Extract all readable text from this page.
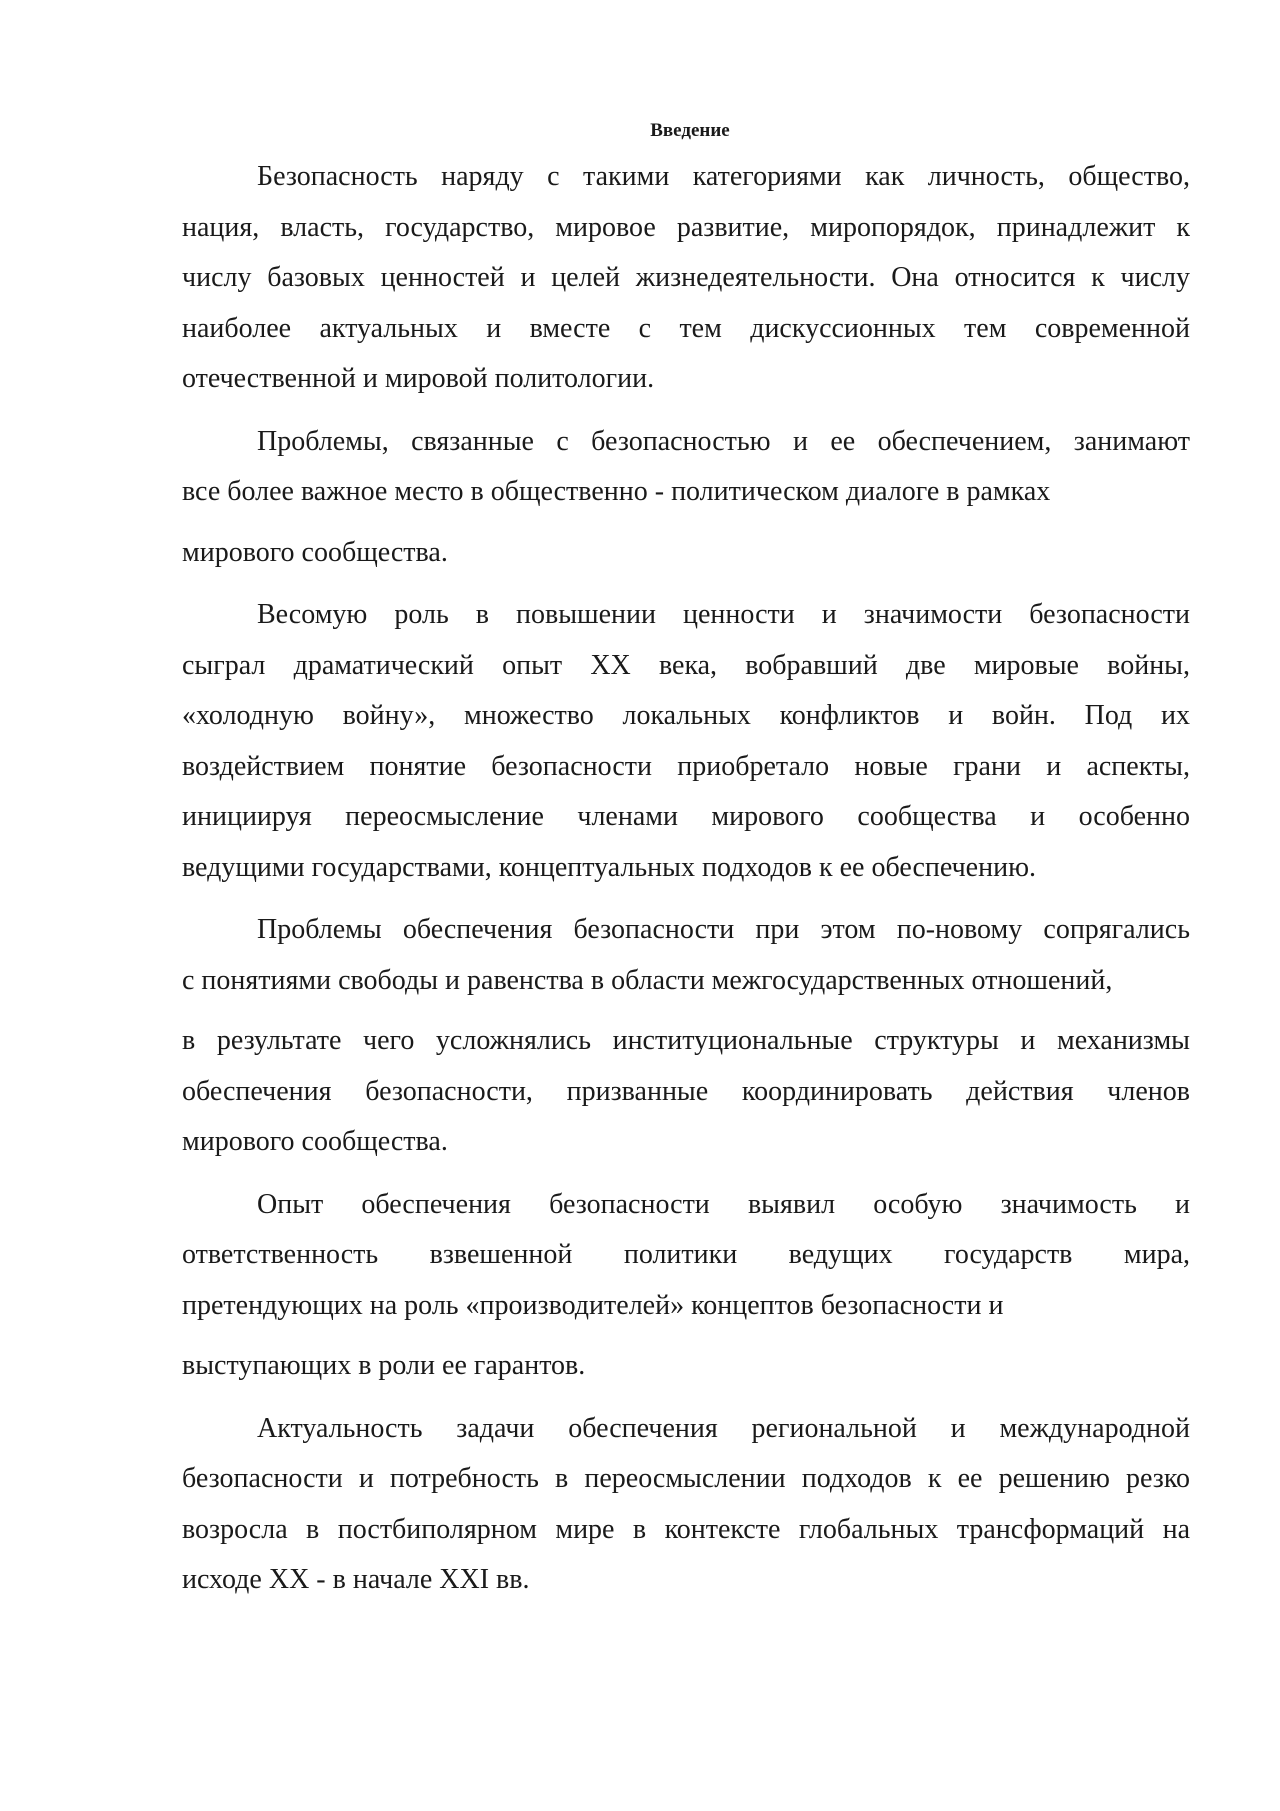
Введение
Безопасность наряду с такими категориями как личность, общество,
нация, власть, государство, мировое развитие, миропорядок, принадлежит к
числу базовых ценностей и целей жизнедеятельности. Она относится к числу
наиболее актуальных и вместе с тем дискуссионных тем современной
отечественной и мировой политологии.
Проблемы, связанные с безопасностью и ее обеспечением, занимают
все более важное место в общественно - политическом диалоге в рамках
мирового сообщества.
Весомую роль в повышении ценности и значимости безопасности
сыграл драматический опыт XX века, вобравший две мировые войны,
«холодную войну», множество локальных конфликтов и войн. Под их
воздействием понятие безопасности приобретало новые грани и аспекты,
инициируя переосмысление членами мирового сообщества и особенно
ведущими государствами, концептуальных подходов к ее обеспечению.
Проблемы обеспечения безопасности при этом по-новому сопрягались
с понятиями свободы и равенства в области межгосударственных отношений,
в результате чего усложнялись институциональные структуры и механизмы
обеспечения безопасности, призванные координировать действия членов
мирового сообщества.
Опыт обеспечения безопасности выявил особую значимость и
ответственность взвешенной политики ведущих государств мира,
претендующих на роль «производителей» концептов безопасности и
выступающих в роли ее гарантов.
Актуальность задачи обеспечения региональной и международной
безопасности и потребность в переосмыслении подходов к ее решению резко
возросла в постбиполярном мире в контексте глобальных трансформаций на
исходе XX - в начале XXI вв.
